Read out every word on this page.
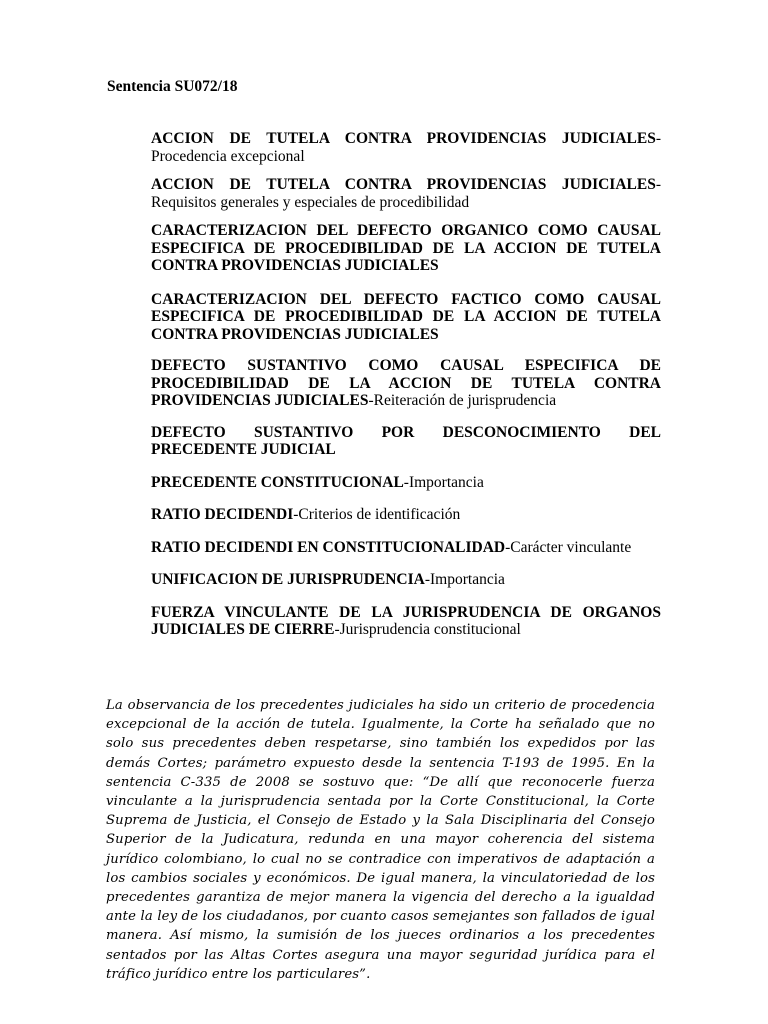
Sentencia SU072/18

ACCION DE TUTELA CONTRA PROVIDENCIAS JUDICIALES-Procedencia excepcional

ACCION DE TUTELA CONTRA PROVIDENCIAS JUDICIALES-Requisitos generales y especiales de procedibilidad

CARACTERIZACION DEL DEFECTO ORGANICO COMO CAUSAL ESPECIFICA DE PROCEDIBILIDAD DE LA ACCION DE TUTELA CONTRA PROVIDENCIAS JUDICIALES

CARACTERIZACION DEL DEFECTO FACTICO COMO CAUSAL ESPECIFICA DE PROCEDIBILIDAD DE LA ACCION DE TUTELA CONTRA PROVIDENCIAS JUDICIALES

DEFECTO SUSTANTIVO COMO CAUSAL ESPECIFICA DE PROCEDIBILIDAD DE LA ACCION DE TUTELA CONTRA PROVIDENCIAS JUDICIALES-Reiteración de jurisprudencia

DEFECTO SUSTANTIVO POR DESCONOCIMIENTO DEL PRECEDENTE JUDICIAL

PRECEDENTE CONSTITUCIONAL-Importancia

RATIO DECIDENDI-Criterios de identificación

RATIO DECIDENDI EN CONSTITUCIONALIDAD-Carácter vinculante

UNIFICACION DE JURISPRUDENCIA-Importancia

FUERZA VINCULANTE DE LA JURISPRUDENCIA DE ORGANOS JUDICIALES DE CIERRE-Jurisprudencia constitucional

La observancia de los precedentes judiciales ha sido un criterio de procedencia excepcional de la acción de tutela. Igualmente, la Corte ha señalado que no solo sus precedentes deben respetarse, sino también los expedidos por las demás Cortes; parámetro expuesto desde la sentencia T-193 de 1995. En la sentencia C-335 de 2008 se sostuvo que: “De allí que reconocerle fuerza vinculante a la jurisprudencia sentada por la Corte Constitucional, la Corte Suprema de Justicia, el Consejo de Estado y la Sala Disciplinaria del Consejo Superior de la Judicatura, redunda en una mayor coherencia del sistema jurídico colombiano, lo cual no se contradice con imperativos de adaptación a los cambios sociales y económicos. De igual manera, la vinculatoriedad de los precedentes garantiza de mejor manera la vigencia del derecho a la igualdad ante la ley de los ciudadanos, por cuanto casos semejantes son fallados de igual manera. Así mismo, la sumisión de los jueces ordinarios a los precedentes sentados por las Altas Cortes asegura una mayor seguridad jurídica para el tráfico jurídico entre los particulares”.
